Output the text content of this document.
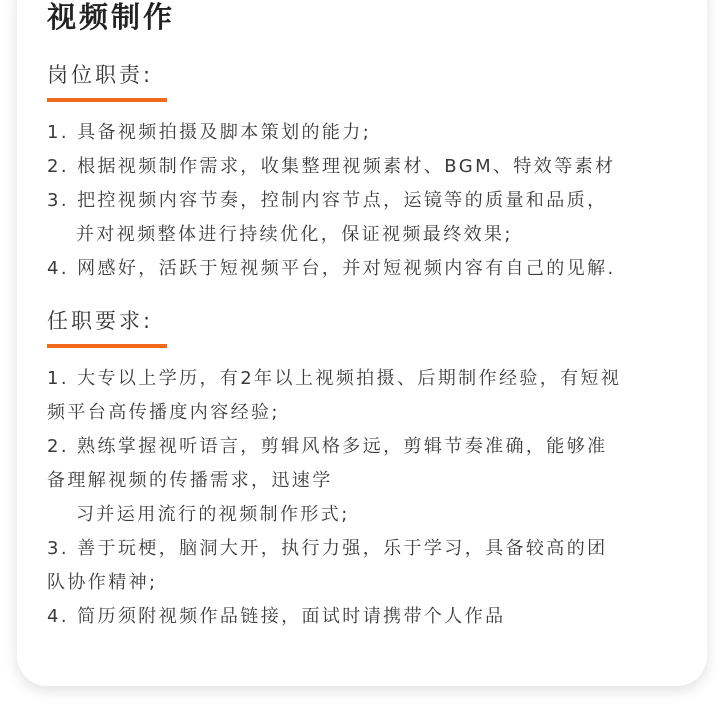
视频制作
岗位职责:

1. 具备视频拍摄及脚本策划的能力;

2. 根据视频制作需求，收集整理视频素材、BGM、特效等素材

3. 把控视频内容节奏，控制内容节点，运镜等的质量和品质，

并对视频整体进行持续优化，保证视频最终效果;

4. 网感好，活跃于短视频平台，并对短视频内容有自己的见解.

任职要求:

1. 大专以上学历，有2年以上视频拍摄、后期制作经验，有短视

频平台高传播度内容经验;

2. 熟练掌握视听语言，剪辑风格多远，剪辑节奏准确，能够准

备理解视频的传播需求，迅速学

习并运用流行的视频制作形式;

3. 善于玩梗，脑洞大开，执行力强，乐于学习，具备较高的团

队协作精神;

4. 简历须附视频作品链接，面试时请携带个人作品
